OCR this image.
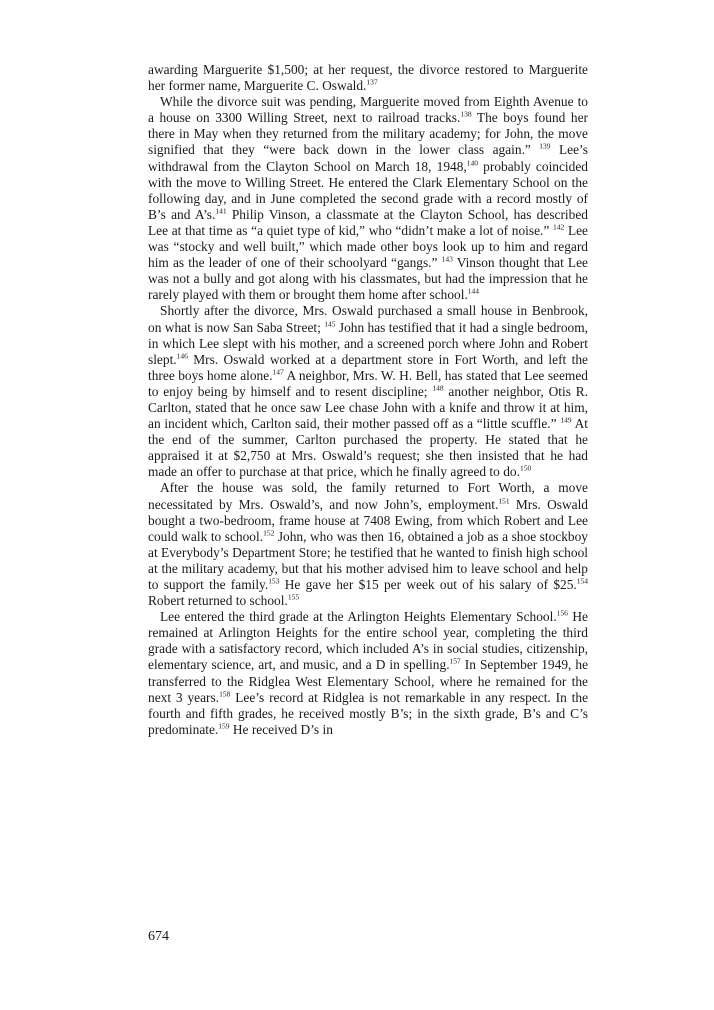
awarding Marguerite $1,500; at her request, the divorce restored to Marguerite her former name, Marguerite C. Oswald.$^{137}$

While the divorce suit was pending, Marguerite moved from Eighth Avenue to a house on 3300 Willing Street, next to railroad tracks.$^{138}$ The boys found her there in May when they returned from the military academy; for John, the move signified that they “were back down in the lower class again.” $^{139}$ Lee’s withdrawal from the Clayton School on March 18, 1948,$^{140}$ probably coincided with the move to Willing Street. He entered the Clark Elementary School on the following day, and in June completed the second grade with a record mostly of B’s and A’s.$^{141}$ Philip Vinson, a classmate at the Clayton School, has described Lee at that time as “a quiet type of kid,” who “didn’t make a lot of noise.” $^{142}$ Lee was “stocky and well built,” which made other boys look up to him and regard him as the leader of one of their schoolyard “gangs.” $^{143}$ Vinson thought that Lee was not a bully and got along with his classmates, but had the impression that he rarely played with them or brought them home after school.$^{144}$

Shortly after the divorce, Mrs. Oswald purchased a small house in Benbrook, on what is now San Saba Street; $^{145}$ John has testified that it had a single bedroom, in which Lee slept with his mother, and a screened porch where John and Robert slept.$^{146}$ Mrs. Oswald worked at a department store in Fort Worth, and left the three boys home alone.$^{147}$ A neighbor, Mrs. W. H. Bell, has stated that Lee seemed to enjoy being by himself and to resent discipline; $^{148}$ another neighbor, Otis R. Carlton, stated that he once saw Lee chase John with a knife and throw it at him, an incident which, Carlton said, their mother passed off as a “little scuffle.” $^{149}$ At the end of the summer, Carlton purchased the property. He stated that he appraised it at $2,750 at Mrs. Oswald’s request; she then insisted that he had made an offer to purchase at that price, which he finally agreed to do.$^{150}$

After the house was sold, the family returned to Fort Worth, a move necessitated by Mrs. Oswald’s, and now John’s, employment.$^{151}$ Mrs. Oswald bought a two-bedroom, frame house at 7408 Ewing, from which Robert and Lee could walk to school.$^{152}$ John, who was then 16, obtained a job as a shoe stockboy at Everybody’s Department Store; he testified that he wanted to finish high school at the military academy, but that his mother advised him to leave school and help to support the family.$^{153}$ He gave her $15 per week out of his salary of $25.$^{154}$ Robert returned to school.$^{155}$

Lee entered the third grade at the Arlington Heights Elementary School.$^{156}$ He remained at Arlington Heights for the entire school year, completing the third grade with a satisfactory record, which included A’s in social studies, citizenship, elementary science, art, and music, and a D in spelling.$^{157}$ In September 1949, he transferred to the Ridglea West Elementary School, where he remained for the next 3 years.$^{158}$ Lee’s record at Ridglea is not remarkable in any respect. In the fourth and fifth grades, he received mostly B’s; in the sixth grade, B’s and C’s predominate.$^{159}$ He received D’s in

674
